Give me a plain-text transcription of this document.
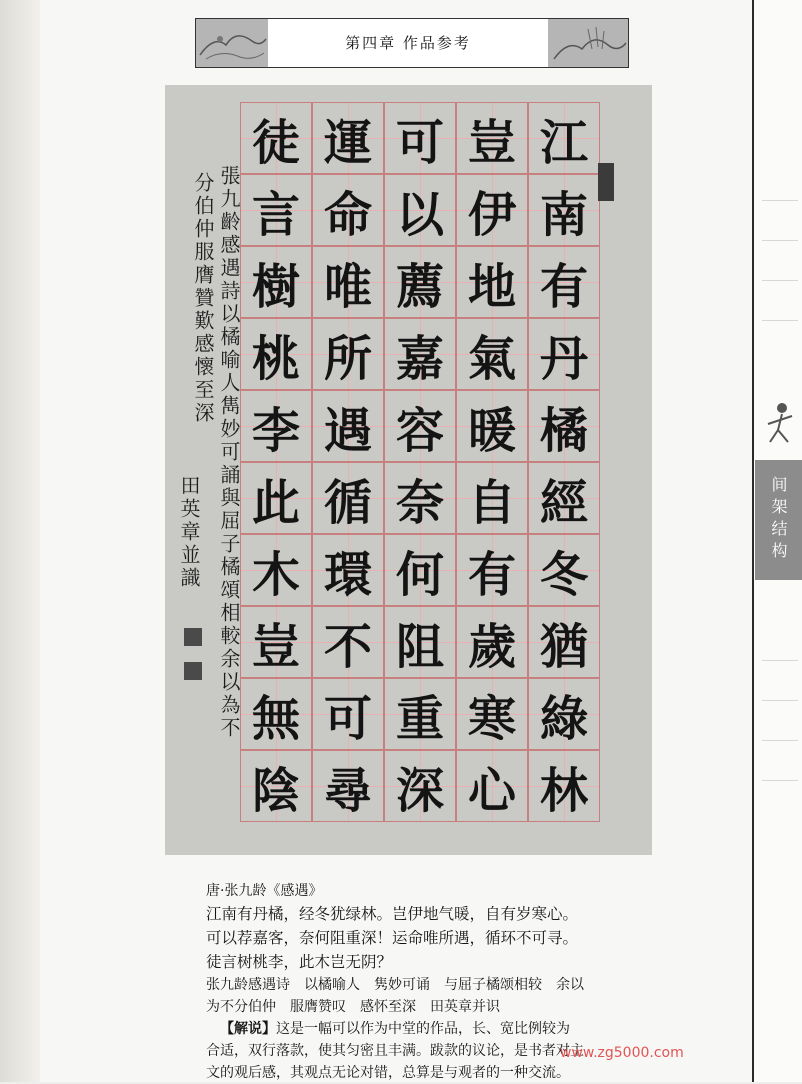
第四章 作品参考
江
南
有
丹
橘
經
冬
猶
綠
林
豈
伊
地
氣
暖
自
有
歲
寒
心
可
以
薦
嘉
容
奈
何
阻
重
深
運
命
唯
所
遇
循
環
不
可
尋
徒
言
樹
桃
李
此
木
豈
無
陰
張九齡感遇詩以橘喻人雋妙可誦與屈子橘頌相較余以為不
分伯仲服膺贊歎感懷至深
田英章並識

唐·张九龄《感遇》

江南有丹橘，经冬犹绿林。岂伊地气暖，自有岁寒心。

可以荐嘉客，奈何阻重深！运命唯所遇，循环不可寻。

徒言树桃李，此木岂无阴？

张九龄感遇诗　以橘喻人　隽妙可诵　与屈子橘颂相较　余以

为不分伯仲　服膺赞叹　感怀至深　田英章并识

【解说】这是一幅可以作为中堂的作品，长、宽比例较为

合适，双行落款，使其匀密且丰满。跋款的议论，是书者对主

文的观后感，其观点无论对错，总算是与观者的一种交流。

间架结构
www.zg5000.com
